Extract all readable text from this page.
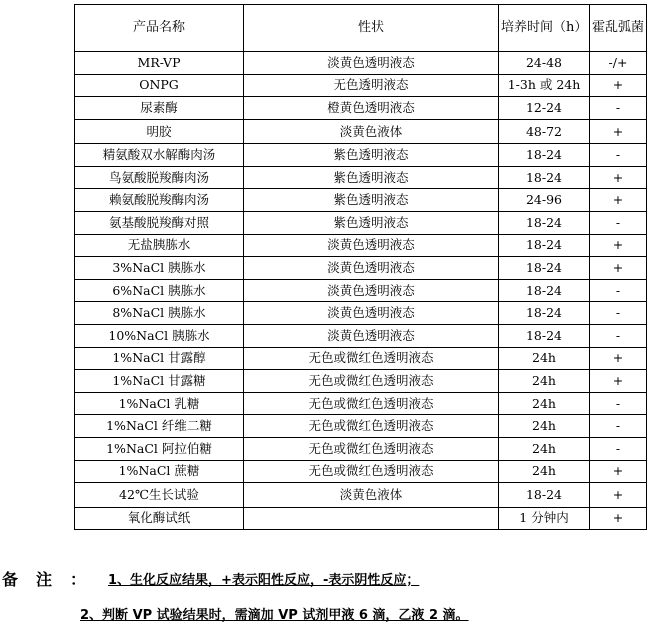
产品名称	性状	培养时间（h）	霍乱弧菌
MR-VP	淡黄色透明液态	24-48	-/+
ONPG	无色透明液态	1-3h 或 24h	+
尿素酶	橙黄色透明液态	12-24	-
明胶	淡黄色液体	48-72	+
精氨酸双水解酶肉汤	紫色透明液态	18-24	-
鸟氨酸脱羧酶肉汤	紫色透明液态	18-24	+
赖氨酸脱羧酶肉汤	紫色透明液态	24-96	+
氨基酸脱羧酶对照	紫色透明液态	18-24	-
无盐胰胨水	淡黄色透明液态	18-24	+
3%NaCl 胰胨水	淡黄色透明液态	18-24	+
6%NaCl 胰胨水	淡黄色透明液态	18-24	-
8%NaCl 胰胨水	淡黄色透明液态	18-24	-
10%NaCl 胰胨水	淡黄色透明液态	18-24	-
1%NaCl 甘露醇	无色或微红色透明液态	24h	+
1%NaCl 甘露糖	无色或微红色透明液态	24h	+
1%NaCl 乳糖	无色或微红色透明液态	24h	-
1%NaCl 纤维二糖	无色或微红色透明液态	24h	-
1%NaCl 阿拉伯糖	无色或微红色透明液态	24h	-
1%NaCl 蔗糖	无色或微红色透明液态	24h	+
42℃生长试验	淡黄色液体	18-24	+
氧化酶试纸		1 分钟内	+
备注： 1、生化反应结果，+表示阳性反应，-表示阴性反应；
2、判断 VP 试验结果时，需滴加 VP 试剂甲液 6 滴，乙液 2 滴。
